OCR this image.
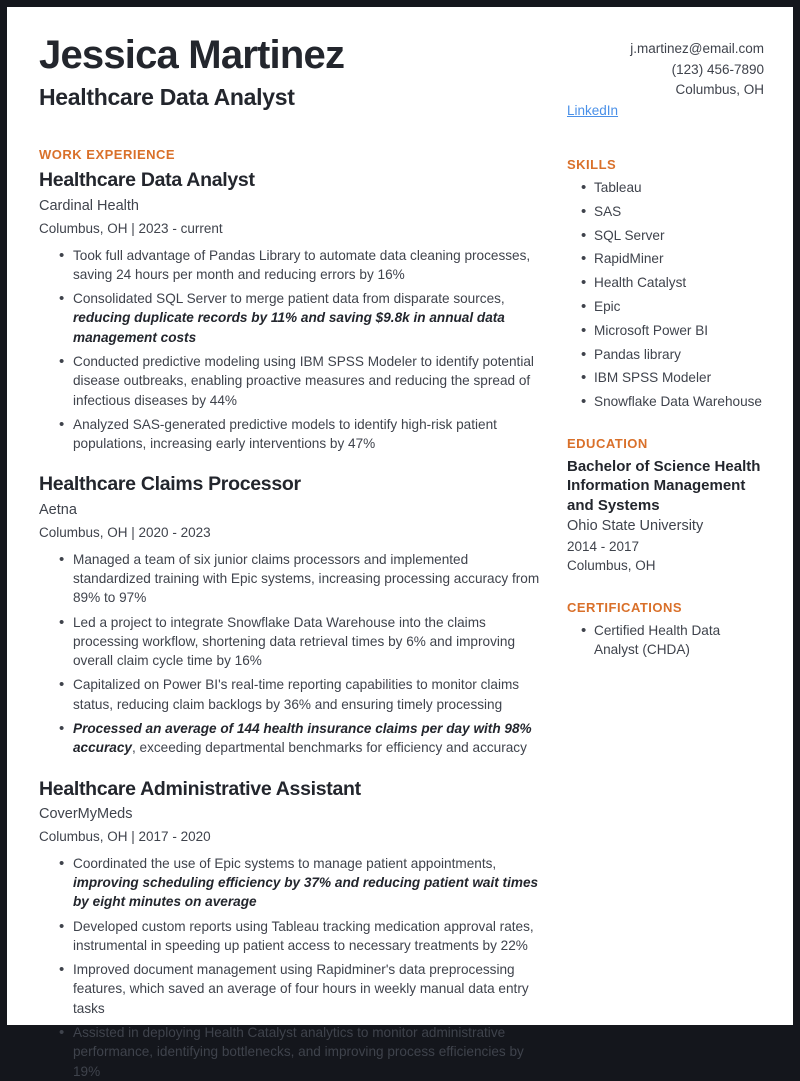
Jessica Martinez
Healthcare Data Analyst
WORK EXPERIENCE
Healthcare Data Analyst
Cardinal Health
Columbus, OH | 2023 - current
• Took full advantage of Pandas Library to automate data cleaning processes, saving 24 hours per month and reducing errors by 16%
• Consolidated SQL Server to merge patient data from disparate sources, reducing duplicate records by 11% and saving $9.8k in annual data management costs
• Conducted predictive modeling using IBM SPSS Modeler to identify potential disease outbreaks, enabling proactive measures and reducing the spread of infectious diseases by 44%
• Analyzed SAS-generated predictive models to identify high-risk patient populations, increasing early interventions by 47%
Healthcare Claims Processor
Aetna
Columbus, OH | 2020 - 2023
• Managed a team of six junior claims processors and implemented standardized training with Epic systems, increasing processing accuracy from 89% to 97%
• Led a project to integrate Snowflake Data Warehouse into the claims processing workflow, shortening data retrieval times by 6% and improving overall claim cycle time by 16%
• Capitalized on Power BI's real-time reporting capabilities to monitor claims status, reducing claim backlogs by 36% and ensuring timely processing
• Processed an average of 144 health insurance claims per day with 98% accuracy, exceeding departmental benchmarks for efficiency and accuracy
Healthcare Administrative Assistant
CoverMyMeds
Columbus, OH | 2017 - 2020
• Coordinated the use of Epic systems to manage patient appointments, improving scheduling efficiency by 37% and reducing patient wait times by eight minutes on average
• Developed custom reports using Tableau tracking medication approval rates, instrumental in speeding up patient access to necessary treatments by 22%
• Improved document management using Rapidminer's data preprocessing features, which saved an average of four hours in weekly manual data entry tasks
• Assisted in deploying Health Catalyst analytics to monitor administrative performance, identifying bottlenecks, and improving process efficiencies by 19%
j.martinez@email.com
(123) 456-7890
Columbus, OH
LinkedIn
SKILLS
• Tableau
• SAS
• SQL Server
• RapidMiner
• Health Catalyst
• Epic
• Microsoft Power BI
• Pandas library
• IBM SPSS Modeler
• Snowflake Data Warehouse
EDUCATION
Bachelor of Science Health Information Management and Systems
Ohio State University
2014 - 2017
Columbus, OH
CERTIFICATIONS
• Certified Health Data Analyst (CHDA)
